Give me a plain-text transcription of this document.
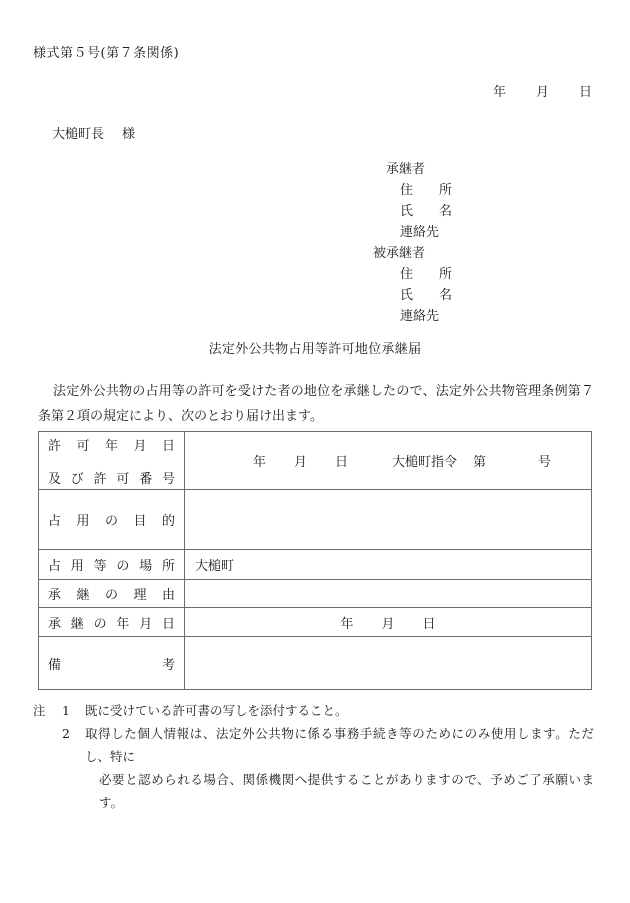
様式第５号(第７条関係)
年 月 日
大槌町長 様
承継者
住　所
氏　名
連絡先
被承継者
住　所
氏　名
連絡先
法定外公共物占用等許可地位承継届
法定外公共物の占用等の許可を受けた者の地位を承継したので、法定外公共物管理条例第７条第２項の規定により、次のとおり届け出ます。
許可年月日
及び許可番号	年 月 日 大槌町指令 第 号

占用の目的	

占用等の場所	大槌町

承継の理由	

承継の年月日	年 月 日

備　　　考	

注	1	既に受けている許可書の写しを添付すること。
2	取得した個人情報は、法定外公共物に係る事務手続き等のためにのみ使用します。ただし、特に
必要と認められる場合、関係機関へ提供することがありますので、予めご了承願います。
